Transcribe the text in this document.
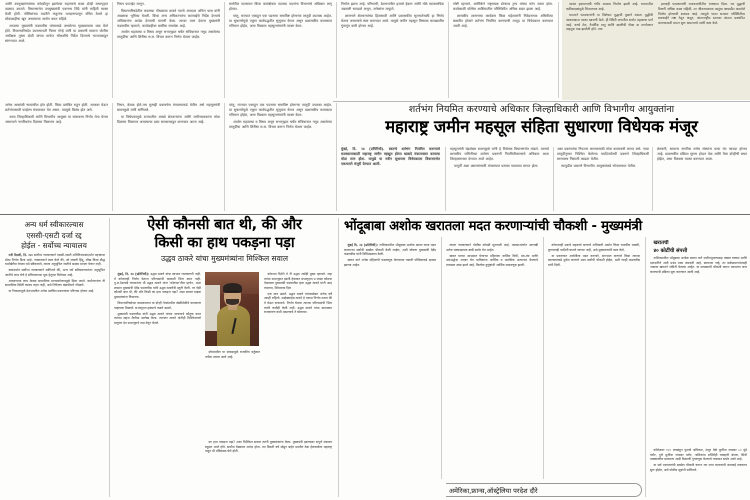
आणि उपमुख्यमंत्र्यांच्या कोठडीतून झालेल्या राहण्याचे काळ दोन्ही सभागृहात पडसाद उमटले. विधानसभेत उपमुख्यमंत्री एकनाथ शिंदे यांनी माहिती व्यक्त केली होती. पोलिसांच्या मदतीने मजुरांना मतदानापासून वंचित ठेवणे हा लोकशाहीचा खून असल्याचा आरोप करत राहिले.

आपल्या मुख्यमंत्री फडणवीस यांच्याकडे असलेल्या गृहखात्यावर जळ केले होते. विधानपरिषदेत उपसभापती निलम गोऱ्हे यांनी या प्रकरणी सातारा पोलीस अधीक्षक तुषार दोशी यांच्या मार्फत चौकशीचे निर्देश दिल्याचे भाजपाकडून सांगण्यात आले.

निधन फाटाईट लागून.

विधानपरिषदेतील कालच्या गोंधळाचा ठाकरे गटाचे आमदार अनिल परब यांनी आक्रमक भूमिका घेतली. किंवा अन्य अधिकाऱ्यांना कारवाईचे निर्देश देण्याचे अधिकारांना आदेश देण्याची मागणी केला. त्यावर उत्तर देताना मुख्यमंत्री फडणवीस म्हणाले, कार्यवाहीवर बाबींचा समावेश आहे.

आयोग महत्वाचा व विषय असून सभागृहात चर्चेत संविधानात नमूद असलेल्या तरतुदींचा आणि शिरीषा स.स. विचार करून निर्णय घेतला जाईल.

समोरील पाटसरात किंवा कार्यक्षेत्रात पदाच्या पदनांना विभागांचे अधिकार लागू होतात.

परंतु, राज्यात एकाहून एक पदनामा समाविष्ट होणाऱ्या तरतुदी उपलब्ध आहेत. या सुधारणेमुळे एकूण कार्यपद्धतीत सुसूत्रता येणार असून प्रशासकीय कामकाज गतिमान होईल, असा विश्वास महसूलमंत्र्यांनी व्यक्त केला.

निर्माण झाला आहे. परिणामी, देशभरातील हजारो हेक्टर आणि मोठे व्यावसायिक अडचणी सापडले असून, अनेकांना ताफुले.

शासनाने शेतकऱ्यांच्या हितासाठी आणि प्रशासकीय सुलभतेसाठी हा निर्णय घेतला असल्याचे स्पष्ट करण्यात आले. यामुळे जमीन महसूल विषयक कायद्यातील गुंतागुंत कमी होणार आहे.

गोष्टी म्हणाले. अमेरिकेने राष्ट्राध्यक्ष डोनाल्ड ट्रम्प यांच्या फोन आला होता. कार्यकाळी पश्चिम आशियातील परिस्थितीत अधिक बदल झाला आहे.

शासकीय शासनाचा कार्यक्रम किंवा महेश्वरांनी निवेदनाच्या अधिमीत्या बाबतीत होणारे शर्तभंग नियमित करण्याची तरतूद या विधेयकात करण्यात आली आहे.

अत्यंत हवामानाची गंभीर समस्या निर्माण झाली आहे. भारतातील चक्रीवादळांमुळे चिंताजनक आहे.

भारताने पंतप्रधानांनी या विशेषतः युद्धाची मुळाने शांतता युद्धीची आवश्यकता व्यक्त खाजगी केले. ही स्थिती जगातील सर्वात महत्वाचा मार्ग आहे. कच्चे तेल, नैसर्गिक वायू आणि खाणीची नौका या मार्गावरून वाहतूक वाढ झालेली होते. मात्र

इराणही पंतप्रधानांनी राजकारणीतील भाषणात दिला. जर युद्धाची ठिणगी अधिक काळ राहिली, तर जीवनावश्यक वस्तूंचा आघाडीत असलेले निर्माण होण्याची शक्यता आहे. त्यामुळे भारत सरकार परिस्थितीवर बारकाईने लक्ष ठेवून असून, आंतरराष्ट्रीय स्तरावर शांतता प्रस्थापित करण्यासाठी प्रयत्न सुरू असल्याचे त्यांनी स्पष्ट केले.

शर्तभंग नियमित करण्याचे अधिकार जिल्हाधिकारी आणि विभागीय आयुक्तांना
महाराष्ट्र जमीन महसूल संहिता सुधारणा विधेयक मंजूर

अनेक आकांक्षी न्यायाधीश होत होती. किंवा प्रलंबित राहून होती. आजवर घेऊन शर्तभंगासाठी फाईल्स मंत्रालयात येत असत. त्यामुळे विलंब होत असे.

आता जिल्हाधिकारी आणि विभागीय आयुक्त या स्तरावरच निर्णय घेता येणार असल्याने नागरिकांना दिलासा मिळणार आहे.

निधन, केवळ होते-तच मुत्सद्दी प्रकारचेच मंत्रालयाकडे येतील असे महसूलमंत्री बावनकुळे यांनी सांगितले.

या विधेयकामुळे राज्यातील लाखो शेतकऱ्यांना आणि जमीनधारकांना मोठा दिलासा मिळणार असल्याचा दावा सरकारकडून करण्यात आला आहे.

परंतु, राज्यात एकाहून एक पदनामा समाविष्ट होणाऱ्या तरतुदी उपलब्ध आहेत. या सुधारणेमुळे एकूण कार्यपद्धतीत सुसूत्रता येणार असून प्रशासकीय कामकाज गतिमान होईल, असा विश्वास महसूलमंत्र्यांनी व्यक्त केला.

आयोग महत्वाचा व विषय असून सभागृहात चर्चेत संविधानात नमूद असलेल्या तरतुदींचा आणि शिरीषा स.स. विचार करून निर्णय घेतला जाईल.

मुंबई, दि. २४ (प्रतिनिधी). स्वतःचे शर्तभंग नियमित करण्याचे कामकाजासाठी महाराष्ट्र जमीन महसूल होत्या खासदे मंत्रालयावर कामाचा मोठा ताण होता. यामुळे या नवीन सुधारणा विधेयकाला विधानसभेत एकमताने मंजुरी देण्यात आली.

महसूलमंत्री चंद्रशेखर बावनकुळे यांनी हे विधेयक विधानसभेत मांडले. यामध्ये शासकीय जमिनीच्या शर्तभंग प्रकरणी नियमितीकरणाचे अधिकार आता जिल्हास्तरावर देण्यात आले आहेत.

यापूर्वी अशा प्रकरणांसाठी मंत्रालयात प्रस्ताव पाठवावा लागत होता.

अशा प्रकरणांचा निपटारा करण्यासाठी मोठा कालावधी लागत असे. नव्या तरतुदीनुसार निश्चित केलेल्या मर्यादेपर्यंतची प्रकरणे जिल्हाधिकारी स्तरावरच निकाली काढता येतील.

त्यापुढील प्रकरणे विभागीय आयुक्तांकडे सोपवण्यात येतील.

शेतकरी, सामान्य नागरिक तसेच संस्थांना याचा थेट फायदा होणार आहे. प्रशासकीय प्रक्रिया सुलभ होऊन वेळ आणि पैसा दोन्हीची बचत होईल, असा विश्वास व्यक्त करण्यात आला.

अन्य धर्म स्वीकारल्यास
एससी-एसटी दर्जा रद्द
होईल - सर्वोच्च न्यायालय

नवी दिल्ली, दि. २४: सर्वोच्च न्यायालयाने एससी-एसटी अधिनियमासंदर्भात महत्त्वाचा मोठा निर्णय दिला आहे. न्यायालयाने स्पष्ट केले की, जो व्यक्ती हिंदू, शीख किंवा बौद्ध धर्मांखेरीज वेगळा धर्म स्वीकारतो, त्याला अनुसूचित जातीचे सदस्य मानता येणार नाही.

यासंदर्भात सर्वोच्च न्यायालयाने सांगितले की, अन्य धर्म स्वीकारल्यानंतर अनुसूचित जातीचे लाभ घेणे हे संविधानाच्या मूळ हेतूच्या विरोधात आहे.

आरक्षणाचा लाभ केवळ सामाजिक मागासलेपणामुळे दिला जातो. धर्मांतरानंतर ती सामाजिक स्थिती कायम राहत नाही, असे निरीक्षण खंडपीठाने नोंदवले.

या निकालामुळे देशभरातील अनेक प्रलंबित प्रकरणांवर परिणाम होणार आहे.

ऐसी कौनसी बात थी, की और
किसी का हाथ पकड़ना पड़ा
उद्धव ठाकरे यांचा मुख्यमंत्र्यांना मिश्किल सवाल

मुंबई, दि. २४ (प्रतिनिधी): उद्धव ठाकरे यांचा स्वभाव राजकारणी नाही. ते कोणताही निर्णय घेताना परिणामांची काळजी चिंता करत नाही. पु.ल.देशपांडे यांच्यानंतर मी उद्धव ठाकरे यांना 'कोटच्या'तील म्हणेन, अशा शब्दात मुख्यमंत्री देवेंद्र फडणवीस यांनी उद्धव ठाकरेंची स्तुती केली. तर ऐसी कौनसी बात थी, की और किसी का हाथ पकड़ना पड़ा? असा सवाल माझ्या मुख्यमंत्र्यांना विचारला.

विधानपरिषदेच्या कामकाजात या दोन्ही नेत्यांमधील खेळीमेळीचे वातावरण पाहायला मिळाले. सभागृहात हास्याचे फवारे उडाले.

मुख्यमंत्री फडणवीस यांनी उद्धव ठाकरे यांच्या भाषणाचे कौतुक करत त्यांच्या सहज शैलीचा उल्लेख केला. त्यानंतर ठाकरे यांनीही मिश्किलपणे प्रत्युत्तर देत सभागृहाचे लक्ष वेधून घेतले.

दोघांमधील या संवादामुळे राजकीय वर्तुळात चर्चेला उधाण आले आहे.

कोठच्या दिशेने ते नी उद्धव असेही मुख्य म्हणाले. राहा त्यांचा सभागृहात झाली हेकावत सभागृहात उ जास्त कोठचा ऐकावला मुख्यमंत्री फडणवीस म्हण उद्धव ठाकरे यांनी आम् त्यालाच, मिरेमाध्या दिल

एक मात्र उमाते. उद्धव ठाकरे वांध्यासोबत अनेक वर्षे आम्ही राहिलो. साहेबसाहेब ठाकरे हे एकदा निर्णय ठरला की ते घेऊन टाकायचे. निर्णय घेताना त्याच्या परिणामांची चिंता त्यांनी कधीही केली नाही. उद्धव ठाकरे यांचा स्वभावात राजकारण कमी असल्याचे ते बोलतात.

का हाथ पकड़ना पड़ा? अशा मिश्किल सवाल त्यांनी मुख्यमंत्र्यांना केला. मुख्यमंत्री झाल्यावर संपूर्ण मंत्रालय बहुमत आले होते. सर्वांचा वेड्यावर आनंद होता. त्या दिवशी वर्ष सोडून बाहेर मदतीत ठेवा हेलकावेला महाराष्ट्र पाहून मी मंत्रिमंडळ मेले होती.

भोंदूबाबा अशोक खरातला मदत करणाऱ्यांची चौकशी - मुख्यमंत्री

मुंबई दि. २३ (प्रतिनिधी): नाशिकमधील भोंदूबाबा अशोक खरात याला मदत करणाऱ्या सर्वांची सखोल चौकशी केली जाईल, अशी घोषणा मुख्यमंत्री देवेंद्र फडणवीस यांनी विधिमंडळात केली.

खरात याने अनेक महिलांची फसवणूक केल्याच्या तक्रारी पोलिसांकडे दाखल झाल्या आहेत.

त्याला न्यायालयाने पोलीस कोठडी सुनावली आहे. तपासाअंतर्गत आणखी अनेक धक्कादायक बाबी समोर येत आहेत.

खरात याच्या आश्रमात येणाऱ्या महिलांना धार्मिक विधी, मंत्र-तंत्र आणि अंधश्रद्धेचा आधार घेत भाविकांना आर्थिक व मानसिक अत्याचार केल्याचे तपासात उघड झाले आहे. कित्येक कुटुंबांची आर्थिक फसवणूक झाली.

कोणत्याही प्रकारे सहकार्य करणारे अधिकारी असोत किंवा राजकीय व्यक्ती, कुणालाही पाठीशी घातले जाणार नाही, असे मुख्यमंत्र्यांनी स्पष्ट केले.

या प्रकरणात आरोपीला मदत करणारे, संगनमत करणारे किंवा त्याच्या कारवायांकडे दुर्लक्ष करणारे अशा सर्वांची चौकशी होईल, अशी ग्वाही फडणवीस यांनी दिली.

खरातची

४० कोटींची संपत्ती

नाशिकमधील भोंदूबाबा अशोक खरात याने जमीनजुमल्यासह तब्बल रक्कम आणि दागदागिने अशी प्रचंड माया जमवली आहे. स्वतःच्या नव्हे, तर सर्वसामान्यांच्याही नावावर खरातने जमिनी घेतल्या आहेत. या सगळ्याची चौकशी करून मालमत्ता जप्त करण्याची प्रक्रिया सुरू करण्यात आली आहे.

कॉलेजवर १०० लाखांहून फुटावे अधिकार, मंजूर वेळे मुलींचा नावावर ८० मुंडे प्लॉट, पुणे मुलींचा नावावर प्लॉट, नाशिकचा शर्मिलेही व्यवहारी बंगला, सिंधी ताळ्यावरील मालमत्ता आदी ठिकाणी गुंतवणूक केल्याचे तपासात समोर आले आहे.

या सर्व मालमत्तांची सखोल चौकशी करून त्या जप्त करण्याची कारवाई लवकरच सुरू होईल, असे पोलीस सूत्रांनी सांगितले.

अमेरिका,फ्रान्स,ऑस्ट्रेलिया परदेश दौरे
